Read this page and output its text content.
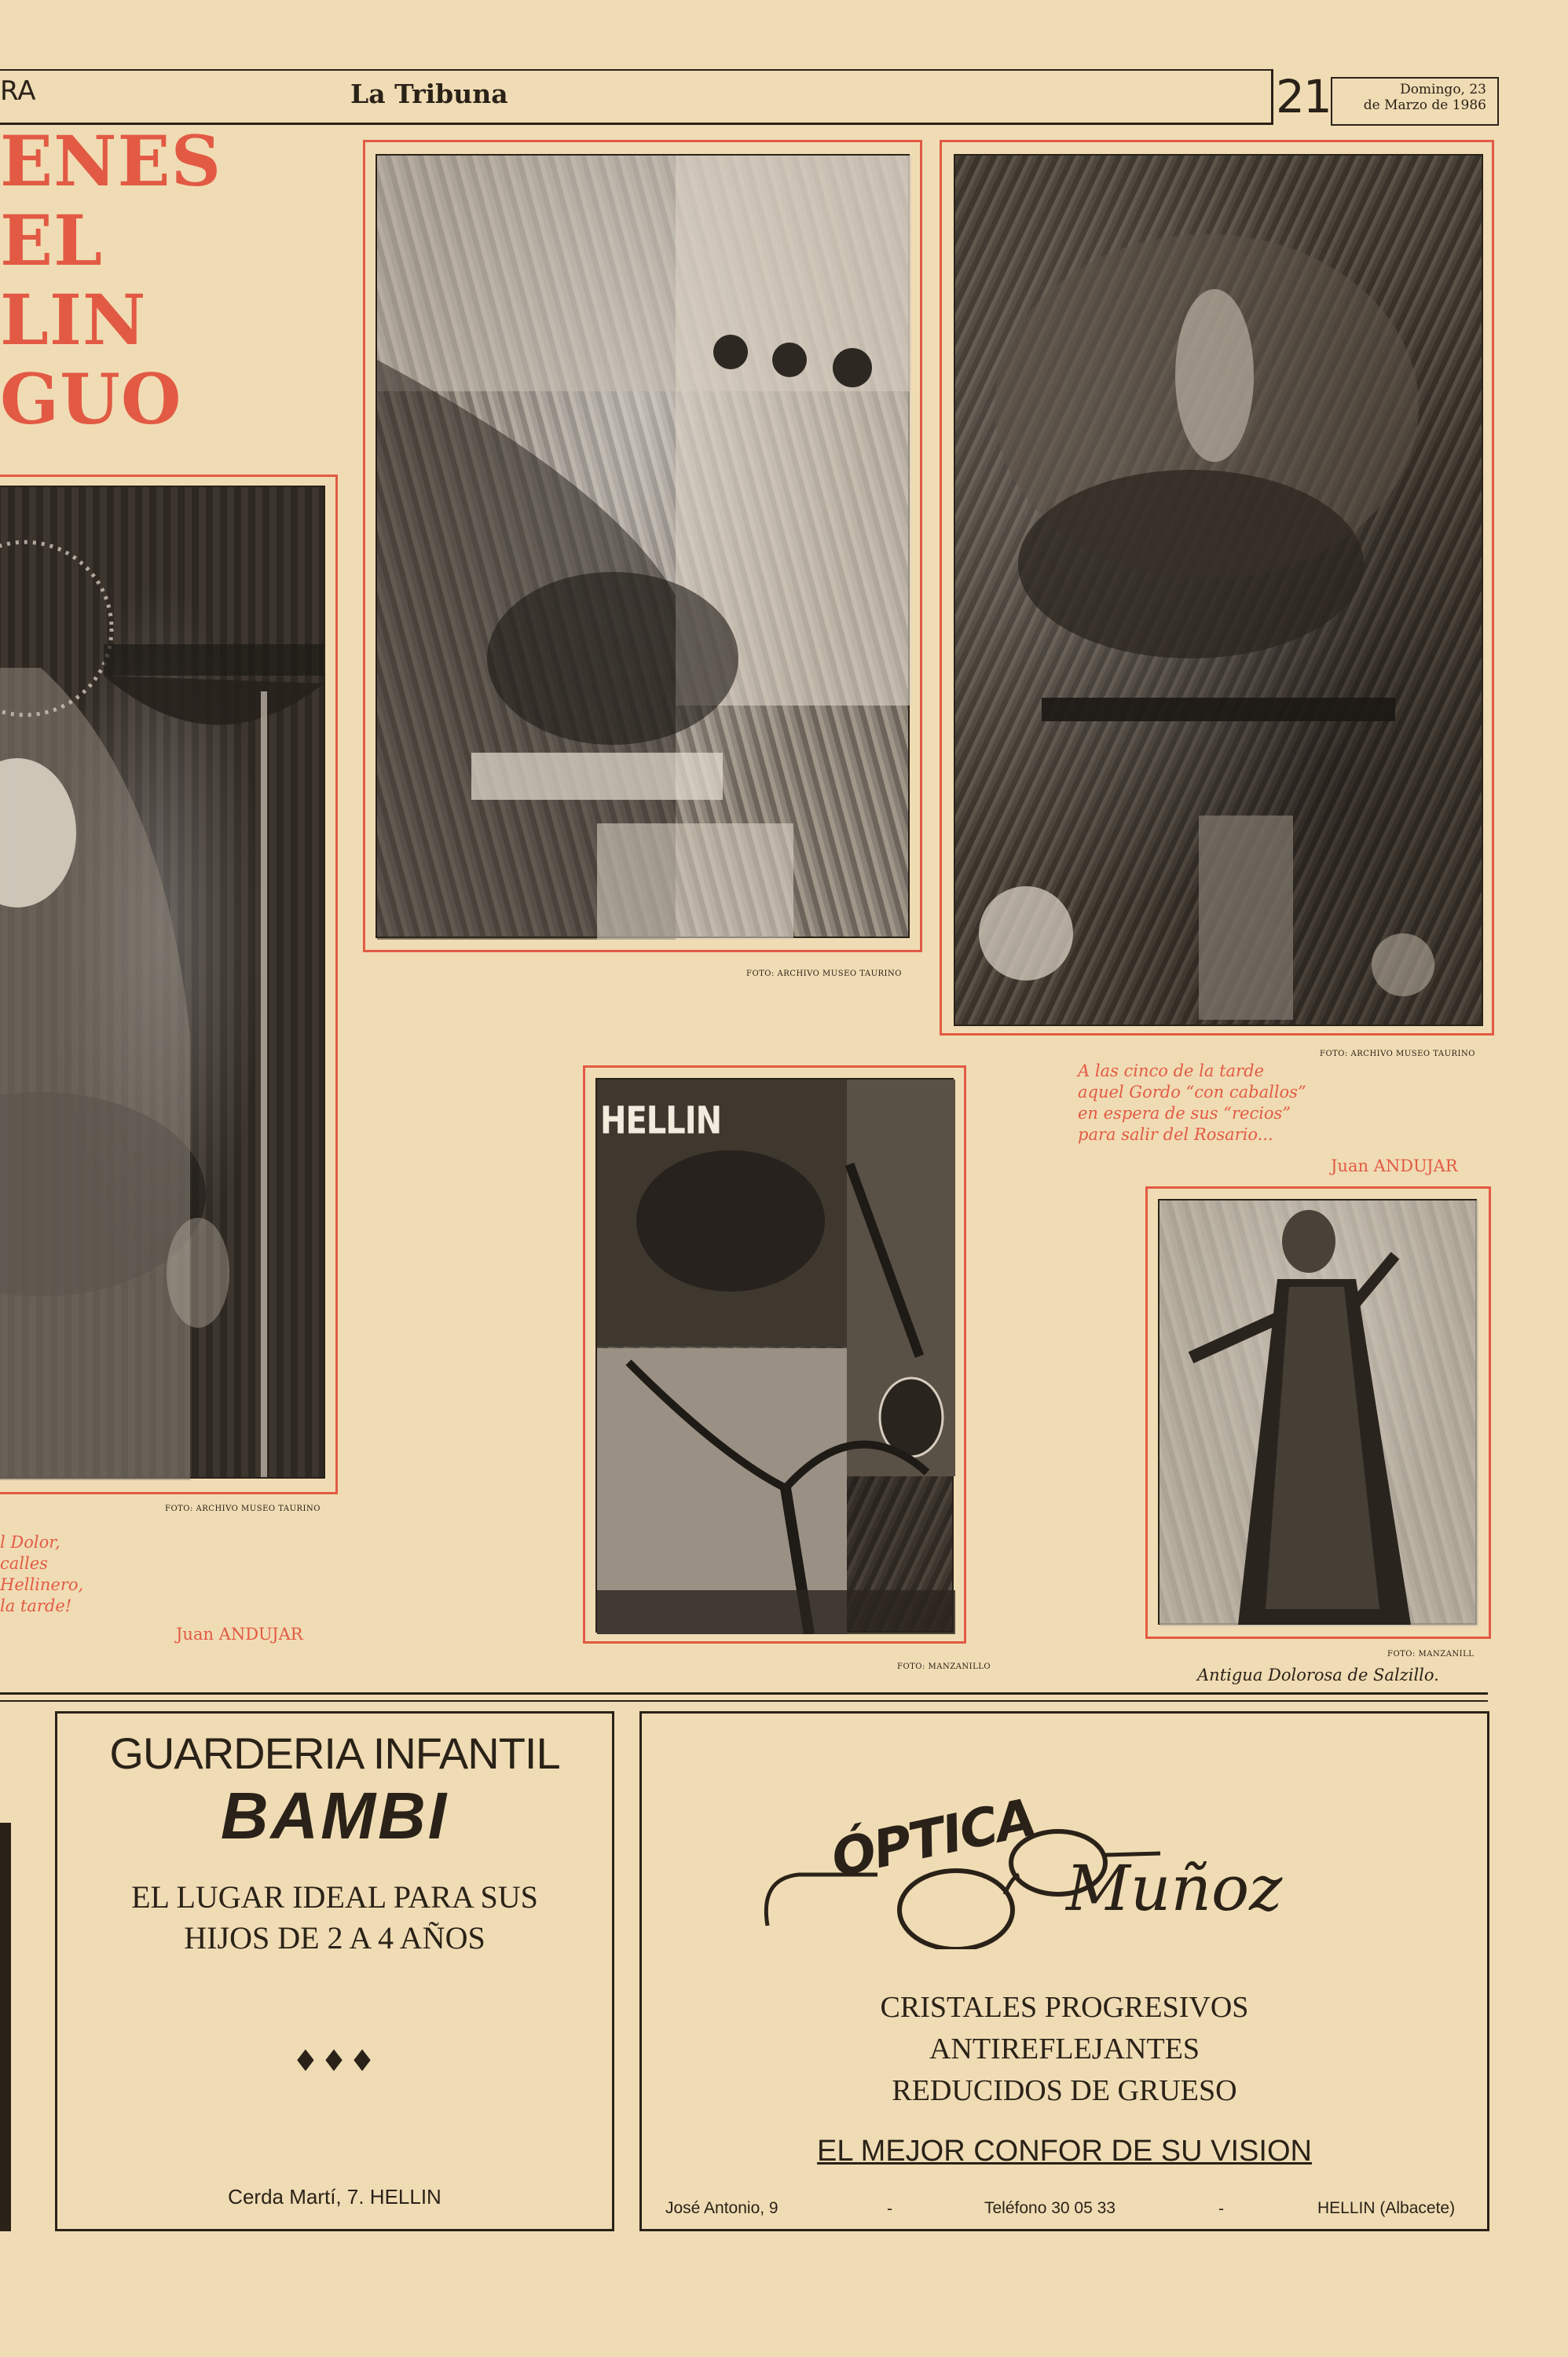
RA	La Tribuna	21	Domingo, 23
de Marzo de 1986
ENES
EL
LIN
GUO
FOTO: ARCHIVO MUSEO TAURINO
l Dolor,
calles
Hellinero,
la tarde!
Juan ANDUJAR
FOTO: ARCHIVO MUSEO TAURINO
FOTO: ARCHIVO MUSEO TAURINO
A las cinco de la tarde
aquel Gordo “con caballos”
en espera de sus “recios”
para salir del Rosario...
Juan ANDUJAR
HELLIN
FOTO: MANZANILLO
FOTO: MANZANILL
Antigua Dolorosa de Salzillo.
GUARDERIA INFANTIL
BAMBI
EL LUGAR IDEAL PARA SUS
HIJOS DE 2 A 4 AÑOS
♦♦♦
Cerda Martí, 7. HELLIN
ÓPTICA Muñoz
CRISTALES PROGRESIVOS
ANTIREFLEJANTES
REDUCIDOS DE GRUESO
EL MEJOR CONFOR DE SU VISION
José Antonio, 9	-	Teléfono 30 05 33	-	HELLIN (Albacete)
